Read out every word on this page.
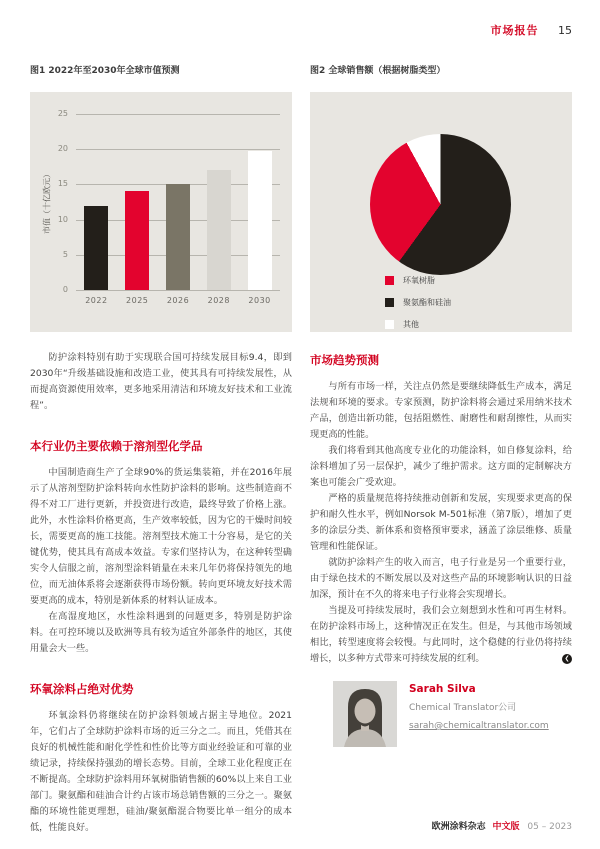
市场报告 15
图1 2022年至2030年全球市值预测	图2 全球销售额（根据树脂类型）
市值（十亿欧元）
0
5
10
15
20
25
2022	2025	2026	2028	2030
环氧树脂
聚氨酯和硅油
其他

防护涂料特别有助于实现联合国可持续发展目标9.4，即到2030年“升级基础设施和改造工业，使其具有可持续发展性，从而提高资源使用效率，更多地采用清洁和环境友好技术和工业流程”。

本行业仍主要依赖于溶剂型化学品

中国制造商生产了全球90%的货运集装箱，并在2016年展示了从溶剂型防护涂料转向水性防护涂料的影响。这些制造商不得不对工厂进行更新，并投资进行改造，最终导致了价格上涨。此外，水性涂料价格更高，生产效率较低，因为它的干燥时间较长，需要更高的施工技能。溶剂型技术施工十分容易，是它的关键优势，使其具有高成本效益。专家们坚持认为，在这种转型确实令人信服之前，溶剂型涂料销量在未来几年仍将保持领先的地位，而无油体系将会逐渐获得市场份额。转向更环境友好技术需要更高的成本，特别是新体系的材料认证成本。

在高湿度地区，水性涂料遇到的问题更多，特别是防护涂料。在可控环境以及欧洲等具有较为适宜外部条件的地区，其使用量会大一些。

环氧涂料占绝对优势

环氧涂料仍将继续在防护涂料领域占据主导地位。2021年，它们占了全球防护涂料市场的近三分之二。而且，凭借其在良好的机械性能和耐化学性和性价比等方面业经验证和可靠的业绩记录，持续保持强劲的增长态势。目前，全球工业化程度正在不断提高。全球防护涂料用环氧树脂销售额的60%以上来自工业部门。聚氨酯和硅油合计约占该市场总销售额的三分之一。聚氨酯的环境性能更理想，硅油/聚氨酯混合物要比单一组分的成本低，性能良好。

市场趋势预测

与所有市场一样，关注点仍然是要继续降低生产成本，满足法规和环境的要求。专家预测，防护涂料将会通过采用纳米技术产品，创造出新功能，包括阻燃性、耐磨性和耐刮擦性，从而实现更高的性能。

我们将看到其他高度专业化的功能涂料，如自修复涂料，给涂料增加了另一层保护，减少了维护需求。这方面的定制解决方案也可能会广受欢迎。

严格的质量规范将持续推动创新和发展，实现要求更高的保护和耐久性水平，例如Norsok M-501标准（第7版），增加了更多的涂层分类、新体系和资格预审要求，涵盖了涂层维修、质量管理和性能保证。

就防护涂料产生的收入而言，电子行业是另一个重要行业，由于绿色技术的不断发展以及对这些产品的环境影响认识的日益加深，预计在不久的将来电子行业将会实现增长。

当提及可持续发展时，我们会立刻想到水性和可再生材料。在防护涂料市场上，这种情况正在发生。但是，与其他市场领域相比，转型速度将会较慢。与此同时，这个稳健的行业仍将持续增长，以多种方式带来可持续发展的红利。	❮

Sarah Silva
Chemical Translator公司
sarah@chemicaltranslator.com
欧洲涂料杂志 中文版 05 – 2023
